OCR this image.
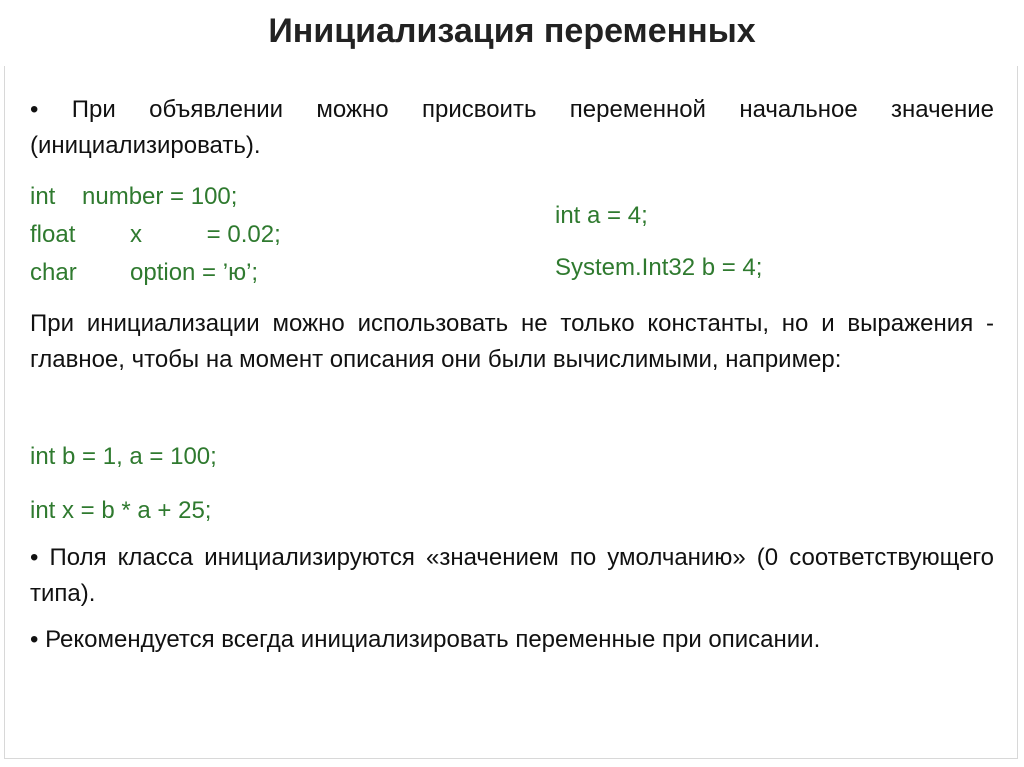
Инициализация переменных
• При объявлении можно присвоить переменной начальное значение (инициализировать).
int number = 100;
float x    = 0.02;
char option = ’ю’;
int a = 4;
System.Int32 b = 4;
При инициализации можно использовать не только константы, но и выражения - главное, чтобы на момент описания они были вычислимыми, например:
int b = 1, a = 100;
int x = b * a + 25;
• Поля класса инициализируются «значением по умолчанию» (0 соответствующего типа).
• Рекомендуется всегда инициализировать переменные при описании.
